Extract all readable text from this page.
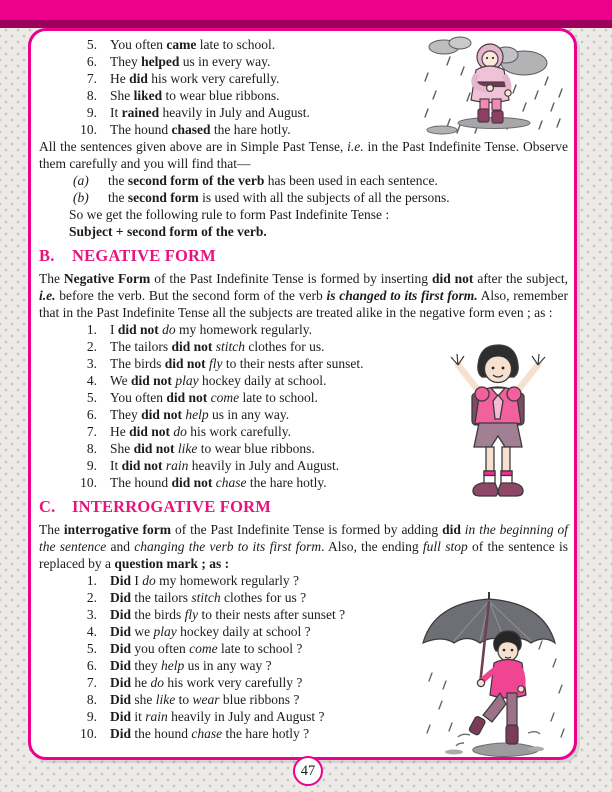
5. You often came late to school.
6. They helped us in every way.
7. He did his work very carefully.
8. She liked to wear blue ribbons.
9. It rained heavily in July and August.
10. The hound chased the hare hotly.

All the sentences given above are in Simple Past Tense, i.e. in the Past Indefinite Tense. Observe them carefully and you will find that—

(a)	the second form of the verb has been used in each sentence.
(b)	the second form is used with all the subjects of all the persons.

So we get the following rule to form Past Indefinite Tense :

Subject + second form of the verb.

B.	NEGATIVE FORM

The Negative Form of the Past Indefinite Tense is formed by inserting did not after the subject, i.e. before the verb. But the second form of the verb is changed to its first form. Also, remember that in the Past Indefinite Tense all the subjects are treated alike in the negative form even ; as :

1. I did not do my homework regularly.
2. The tailors did not stitch clothes for us.
3. The birds did not fly to their nests after sunset.
4. We did not play hockey daily at school.
5. You often did not come late to school.
6. They did not help us in any way.
7. He did not do his work carefully.
8. She did not like to wear blue ribbons.
9. It did not rain heavily in July and August.
10. The hound did not chase the hare hotly.
C.	INTERROGATIVE FORM

The interrogative form of the Past Indefinite Tense is formed by adding did in the beginning of the sentence and changing the verb to its first form. Also, the ending full stop of the sentence is replaced by a question mark ; as :

1. Did I do my homework regularly ?
2. Did the tailors stitch clothes for us ?
3. Did the birds fly to their nests after sunset ?
4. Did we play hockey daily at school ?
5. Did you often come late to school ?
6. Did they help us in any way ?
7. Did he do his work very carefully ?
8. Did she like to wear blue ribbons ?
9. Did it rain heavily in July and August ?
10. Did the hound chase the hare hotly ?
47
